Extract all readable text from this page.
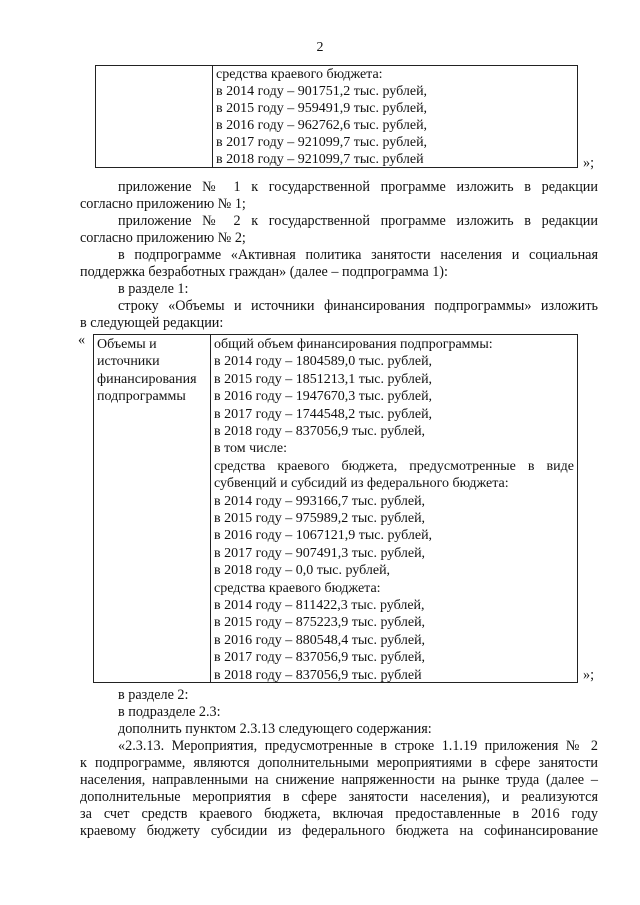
2
средства краевого бюджета:
в 2014 году – 901751,2 тыс. рублей,
в 2015 году – 959491,9 тыс. рублей,
в 2016 году – 962762,6 тыс. рублей,
в 2017 году – 921099,7 тыс. рублей,
в 2018 году – 921099,7 тыс. рублей	»;
приложение № 1 к государственной программе изложить в редакции
согласно приложению № 1;
приложение № 2 к государственной программе изложить в редакции
согласно приложению № 2;
в подпрограмме «Активная политика занятости населения и социальная
поддержка безработных граждан» (далее – подпрограмма 1):
в разделе 1:
строку «Объемы и источники финансирования подпрограммы» изложить
в следующей редакции:
« Объемы и
источники
финансирования
подпрограммы
общий объем финансирования подпрограммы:
в 2014 году – 1804589,0 тыс. рублей,
в 2015 году – 1851213,1 тыс. рублей,
в 2016 году – 1947670,3 тыс. рублей,
в 2017 году – 1744548,2 тыс. рублей,
в 2018 году – 837056,9 тыс. рублей,
в том числе:
средства краевого бюджета, предусмотренные в виде
субвенций и субсидий из федерального бюджета:
в 2014 году – 993166,7 тыс. рублей,
в 2015 году – 975989,2 тыс. рублей,
в 2016 году – 1067121,9 тыс. рублей,
в 2017 году – 907491,3 тыс. рублей,
в 2018 году – 0,0 тыс. рублей,
средства краевого бюджета:
в 2014 году – 811422,3 тыс. рублей,
в 2015 году – 875223,9 тыс. рублей,
в 2016 году – 880548,4 тыс. рублей,
в 2017 году – 837056,9 тыс. рублей,
в 2018 году – 837056,9 тыс. рублей	»;
в разделе 2:
в подразделе 2.3:
дополнить пунктом 2.3.13 следующего содержания:
«2.3.13. Мероприятия, предусмотренные в строке 1.1.19 приложения № 2
к подпрограмме, являются дополнительными мероприятиями в сфере занятости
населения, направленными на снижение напряженности на рынке труда (далее –
дополнительные мероприятия в сфере занятости населения), и реализуются
за счет средств краевого бюджета, включая предоставленные в 2016 году
краевому бюджету субсидии из федерального бюджета на софинансирование
